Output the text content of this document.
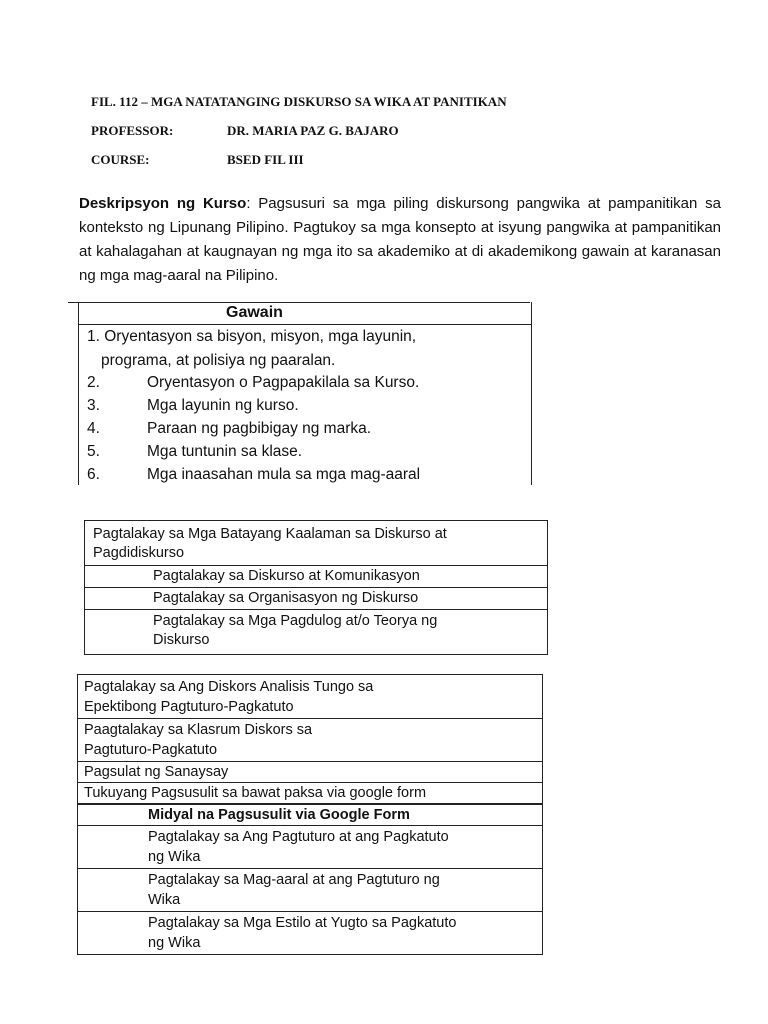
FIL. 112 – MGA NATATANGING DISKURSO SA WIKA AT PANITIKAN
PROFESSOR:	DR. MARIA PAZ G. BAJARO
COURSE:	BSED FIL III
Deskripsyon ng Kurso: Pagsusuri sa mga piling diskursong pangwika at pampanitikan sa konteksto ng Lipunang Pilipino. Pagtukoy sa mga konsepto at isyung pangwika at pampanitikan at kahalagahan at kaugnayan ng mga ito sa akademiko at di akademikong gawain at karanasan ng mga mag-aaral na Pilipino.
Gawain
1. Oryentasyon sa bisyon, misyon, mga layunin,
programa, at polisiya ng paaralan.
2.	Oryentasyon o Pagpapakilala sa Kurso.
3.	Mga layunin ng kurso.
4.	Paraan ng pagbibigay ng marka.
5.	Mga tuntunin sa klase.
6.	Mga inaasahan mula sa mga mag-aaral
Pagtalakay sa Mga Batayang Kaalaman sa Diskurso at
Pagdidiskurso
Pagtalakay sa Diskurso at Komunikasyon
Pagtalakay sa Organisasyon ng Diskurso
Pagtalakay sa Mga Pagdulog at/o Teorya ng
Diskurso
Pagtalakay sa Ang Diskors Analisis Tungo sa
Epektibong Pagtuturo-Pagkatuto
Paagtalakay sa Klasrum Diskors sa
Pagtuturo-Pagkatuto
Pagsulat ng Sanaysay
Tukuyang Pagsusulit sa bawat paksa via google form
Midyal na Pagsusulit via Google Form
Pagtalakay sa Ang Pagtuturo at ang Pagkatuto
ng Wika
Pagtalakay sa Mag-aaral at ang Pagtuturo ng
Wika
Pagtalakay sa Mga Estilo at Yugto sa Pagkatuto
ng Wika
